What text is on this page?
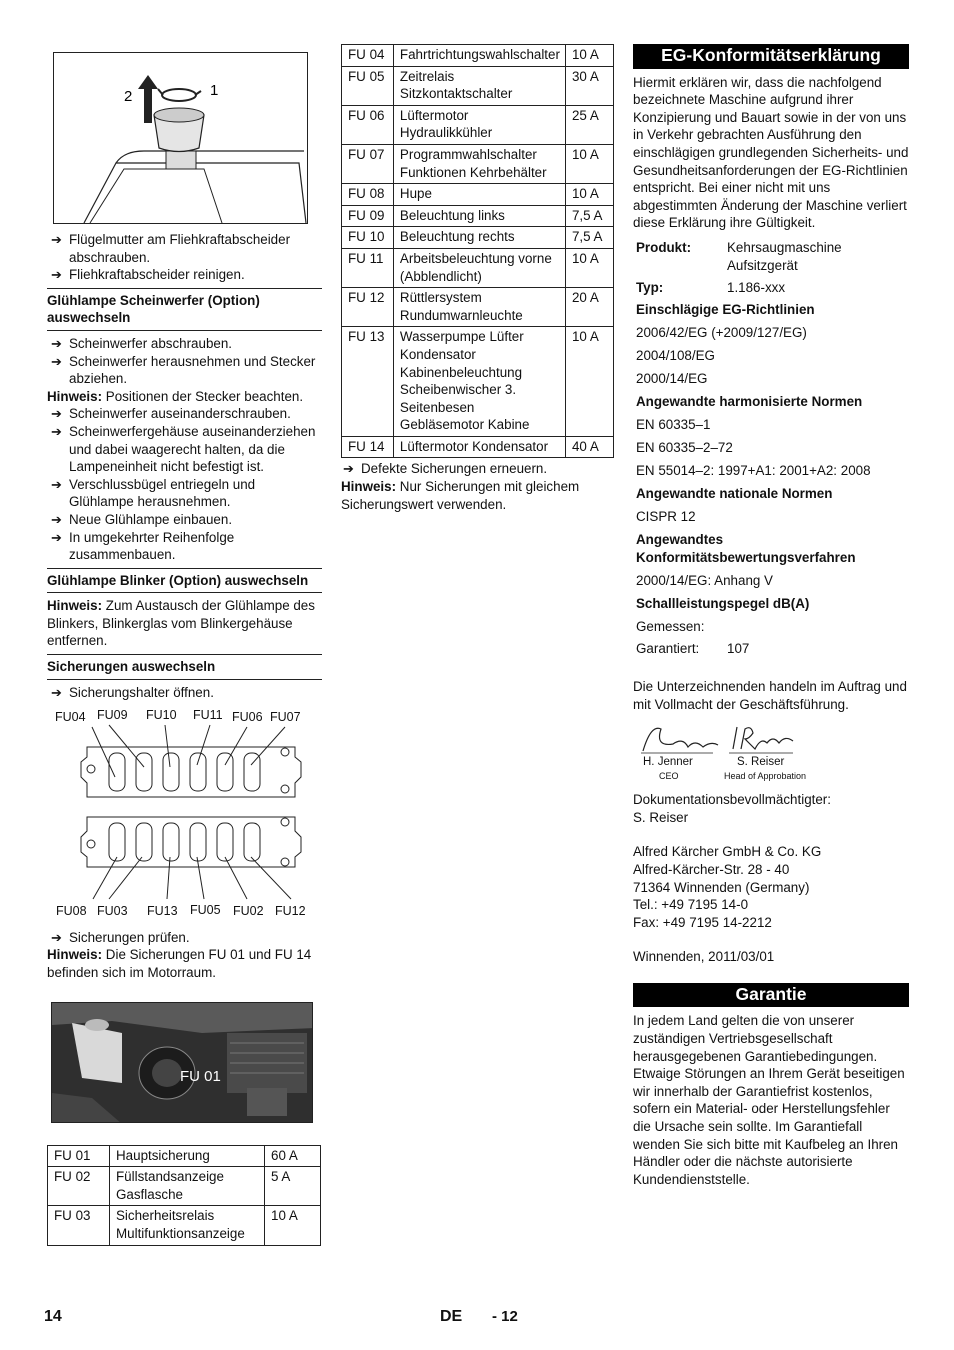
2	1
➔ Flügelmutter am Fliehkraftabscheider abschrauben.
➔ Fliehkraftabscheider reinigen.
Glühlampe Scheinwerfer (Option) auswechseln
➔ Scheinwerfer abschrauben.
➔ Scheinwerfer herausnehmen und Stecker abziehen.
Hinweis: Positionen der Stecker beachten.
➔ Scheinwerfer auseinanderschrauben.
➔ Scheinwerfergehäuse auseinanderziehen und dabei waagerecht halten, da die Lampeneinheit nicht befestigt ist.
➔ Verschlussbügel entriegeln und Glühlampe herausnehmen.
➔ Neue Glühlampe einbauen.
➔ In umgekehrter Reihenfolge zusammenbauen.
Glühlampe Blinker (Option) auswechseln
Hinweis: Zum Austausch der Glühlampe des Blinkers, Blinkerglas vom Blinkergehäuse entfernen.
Sicherungen auswechseln
➔ Sicherungshalter öffnen.
FU04 FU09 FU10 FU11 FU06 FU07
FU08 FU03 FU13 FU05 FU02 FU12
➔ Sicherungen prüfen.
Hinweis: Die Sicherungen FU 01 und FU 14 befinden sich im Motorraum.
FU 01
FU 01	Hauptsicherung	60 A
FU 02	Füllstandsanzeige Gasflasche	5 A
FU 03	Sicherheitsrelais Multifunktionsanzeige	10 A
FU 04	Fahrtrichtungswahlschalter	10 A
FU 05	Zeitrelais Sitzkontaktschalter	30 A
FU 06	Lüftermotor Hydraulikkühler	25 A
FU 07	Programmwahlschalter Funktionen Kehrbehälter	10 A
FU 08	Hupe	10 A
FU 09	Beleuchtung links	7,5 A
FU 10	Beleuchtung rechts	7,5 A
FU 11	Arbeitsbeleuchtung vorne (Abblendlicht)	10 A
FU 12	Rüttlersystem Rundumwarnleuchte	20 A
FU 13	Wasserpumpe Lüfter Kondensator Kabinenbeleuchtung Scheibenwischer 3. Seitenbesen Gebläsemotor Kabine	10 A
FU 14	Lüftermotor Kondensator	40 A
➔ Defekte Sicherungen erneuern.
Hinweis: Nur Sicherungen mit gleichem Sicherungswert verwenden.
EG-Konformitätserklärung
Hiermit erklären wir, dass die nachfolgend bezeichnete Maschine aufgrund ihrer Konzipierung und Bauart sowie in der von uns in Verkehr gebrachten Ausführung den einschlägigen grundlegenden Sicherheits- und Gesundheitsanforderungen der EG-Richtlinien entspricht. Bei einer nicht mit uns abgestimmten Änderung der Maschine verliert diese Erklärung ihre Gültigkeit.
Produkt:	Kehrsaugmaschine Aufsitzgerät
Typ:	1.186-xxx
Einschlägige EG-Richtlinien
2006/42/EG (+2009/127/EG)
2004/108/EG
2000/14/EG
Angewandte harmonisierte Normen
EN 60335–1
EN 60335–2–72
EN 55014–2: 1997+A1: 2001+A2: 2008
Angewandte nationale Normen
CISPR 12
Angewandtes Konformitätsbewertungsverfahren
2000/14/EG: Anhang V
Schallleistungspegel dB(A)
Gemessen:
Garantiert:	107
Die Unterzeichnenden handeln im Auftrag und mit Vollmacht der Geschäftsführung.
H. Jenner
CEO
S. Reiser
Head of Approbation
Dokumentationsbevollmächtigter:
S. Reiser
Alfred Kärcher GmbH & Co. KG
Alfred-Kärcher-Str. 28 - 40
71364 Winnenden (Germany)
Tel.: +49 7195 14-0
Fax: +49 7195 14-2212
Winnenden, 2011/03/01
Garantie
In jedem Land gelten die von unserer zuständigen Vertriebsgesellschaft herausgegebenen Garantiebedingungen. Etwaige Störungen an Ihrem Gerät beseitigen wir innerhalb der Garantiefrist kostenlos, sofern ein Material- oder Herstellungsfehler die Ursache sein sollte. Im Garantiefall wenden Sie sich bitte mit Kaufbeleg an Ihren Händler oder die nächste autorisierte Kundendienststelle.
14	DE - 12
